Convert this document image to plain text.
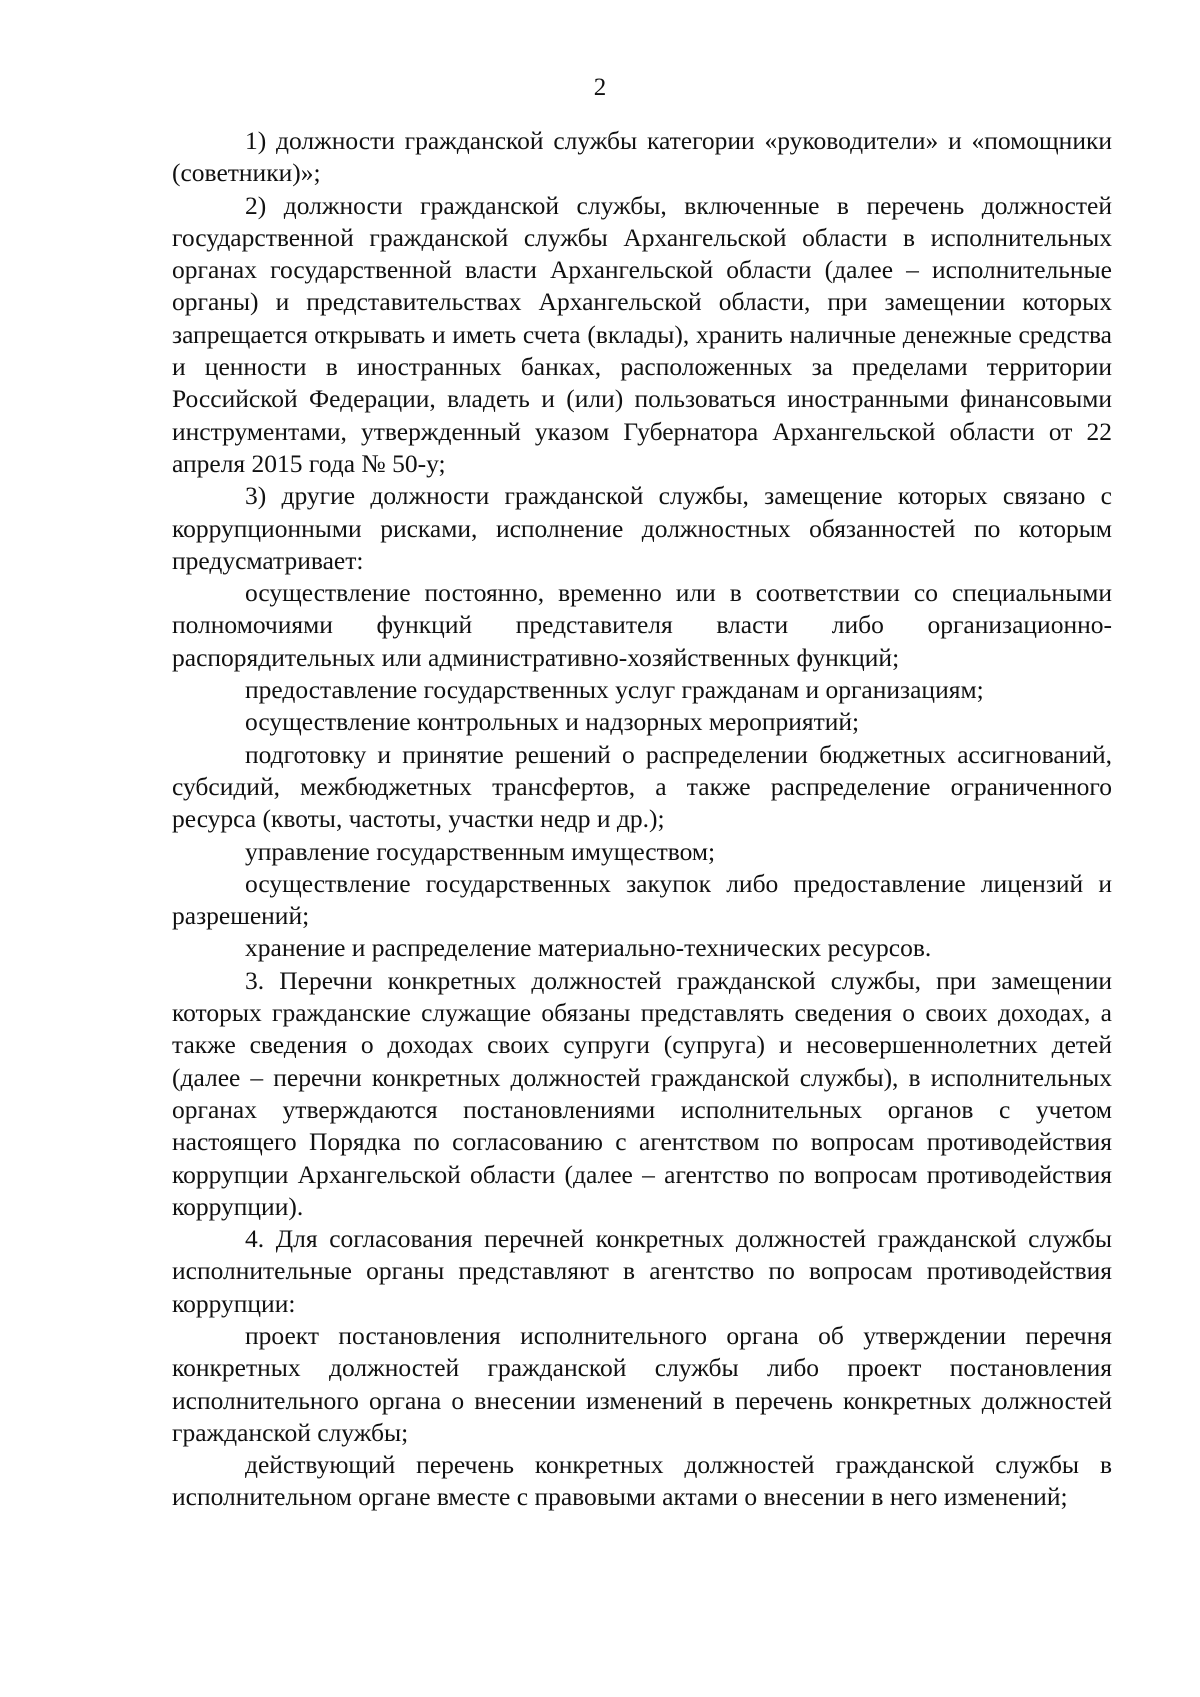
2

1) должности гражданской службы категории «руководители» и «помощники (советники)»;

2) должности гражданской службы, включенные в перечень должностей государственной гражданской службы Архангельской области в исполнительных органах государственной власти Архангельской области (далее – исполнительные органы) и представительствах Архангельской области, при замещении которых запрещается открывать и иметь счета (вклады), хранить наличные денежные средства и ценности в иностранных банках, расположенных за пределами территории Российской Федерации, владеть и (или) пользоваться иностранными финансовыми инструментами, утвержденный указом Губернатора Архангельской области от 22 апреля 2015 года № 50-у;

3) другие должности гражданской службы, замещение которых связано с коррупционными рисками, исполнение должностных обязанностей по которым предусматривает:

осуществление постоянно, временно или в соответствии со специальными полномочиями функций представителя власти либо организационно-распорядительных или административно-хозяйственных функций;

предоставление государственных услуг гражданам и организациям;

осуществление контрольных и надзорных мероприятий;

подготовку и принятие решений о распределении бюджетных ассигнований, субсидий, межбюджетных трансфертов, а также распределение ограниченного ресурса (квоты, частоты, участки недр и др.);

управление государственным имуществом;

осуществление государственных закупок либо предоставление лицензий и разрешений;

хранение и распределение материально-технических ресурсов.

3. Перечни конкретных должностей гражданской службы, при замещении которых гражданские служащие обязаны представлять сведения о своих доходах, а также сведения о доходах своих супруги (супруга) и несовершеннолетних детей (далее – перечни конкретных должностей гражданской службы), в исполнительных органах утверждаются постановлениями исполнительных органов с учетом настоящего Порядка по согласованию с агентством по вопросам противодействия коррупции Архангельской области (далее – агентство по вопросам противодействия коррупции).

4. Для согласования перечней конкретных должностей гражданской службы исполнительные органы представляют в агентство по вопросам противодействия коррупции:

проект постановления исполнительного органа об утверждении перечня конкретных должностей гражданской службы либо проект постановления исполнительного органа о внесении изменений в перечень конкретных должностей гражданской службы;

действующий перечень конкретных должностей гражданской службы в исполнительном органе вместе с правовыми актами о внесении в него изменений;
